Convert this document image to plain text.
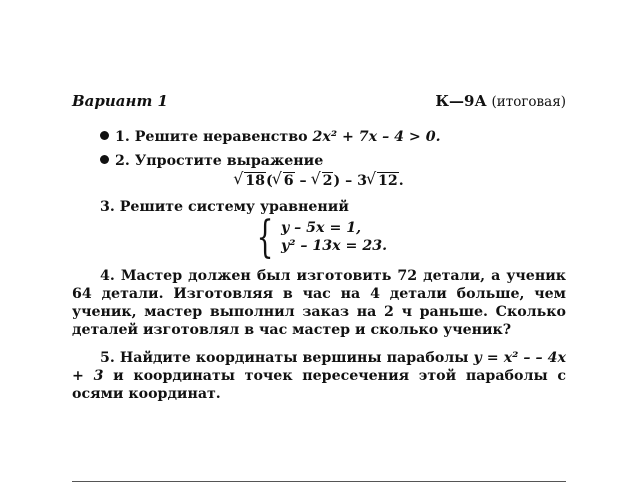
Вариант 1	К—9А (итоговая)
1. Решите неравенство 2x² + 7x – 4 > 0.
2. Упростите выражение
√ 18( √ 6 – √ 2) – 3 √ 12.
3. Решите систему уравнений
{ y – 5x = 1,
y² – 13x = 23.
4. Мастер должен был изготовить 72 детали, а ученик 64 детали. Изготовляя в час на 4 детали больше, чем ученик, мастер выполнил заказ на 2 ч раньше. Сколько деталей изготовлял в час мастер и сколько ученик?
5. Найдите координаты вершины параболы y = x² – – 4x + 3 и координаты точек пересечения этой параболы с осями координат.
